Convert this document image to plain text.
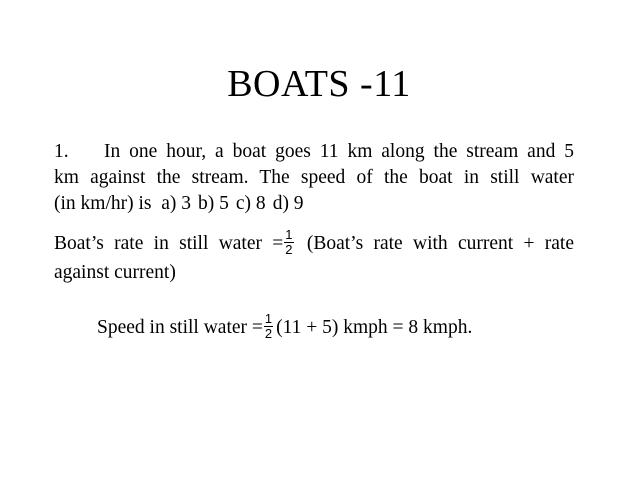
BOATS -11
1. In one hour, a boat goes 11 km along the stream and 5
km against the stream. The speed of the boat in still water
(in km/hr) is a) 3 b) 5 c) 8 d) 9
Boat’s rate in still water = $\frac{1}{2}$ (Boat’s rate with current + rate
against current)
Speed in still water = $\frac{1}{2} (11 + 5)$ kmph = 8 kmph.
